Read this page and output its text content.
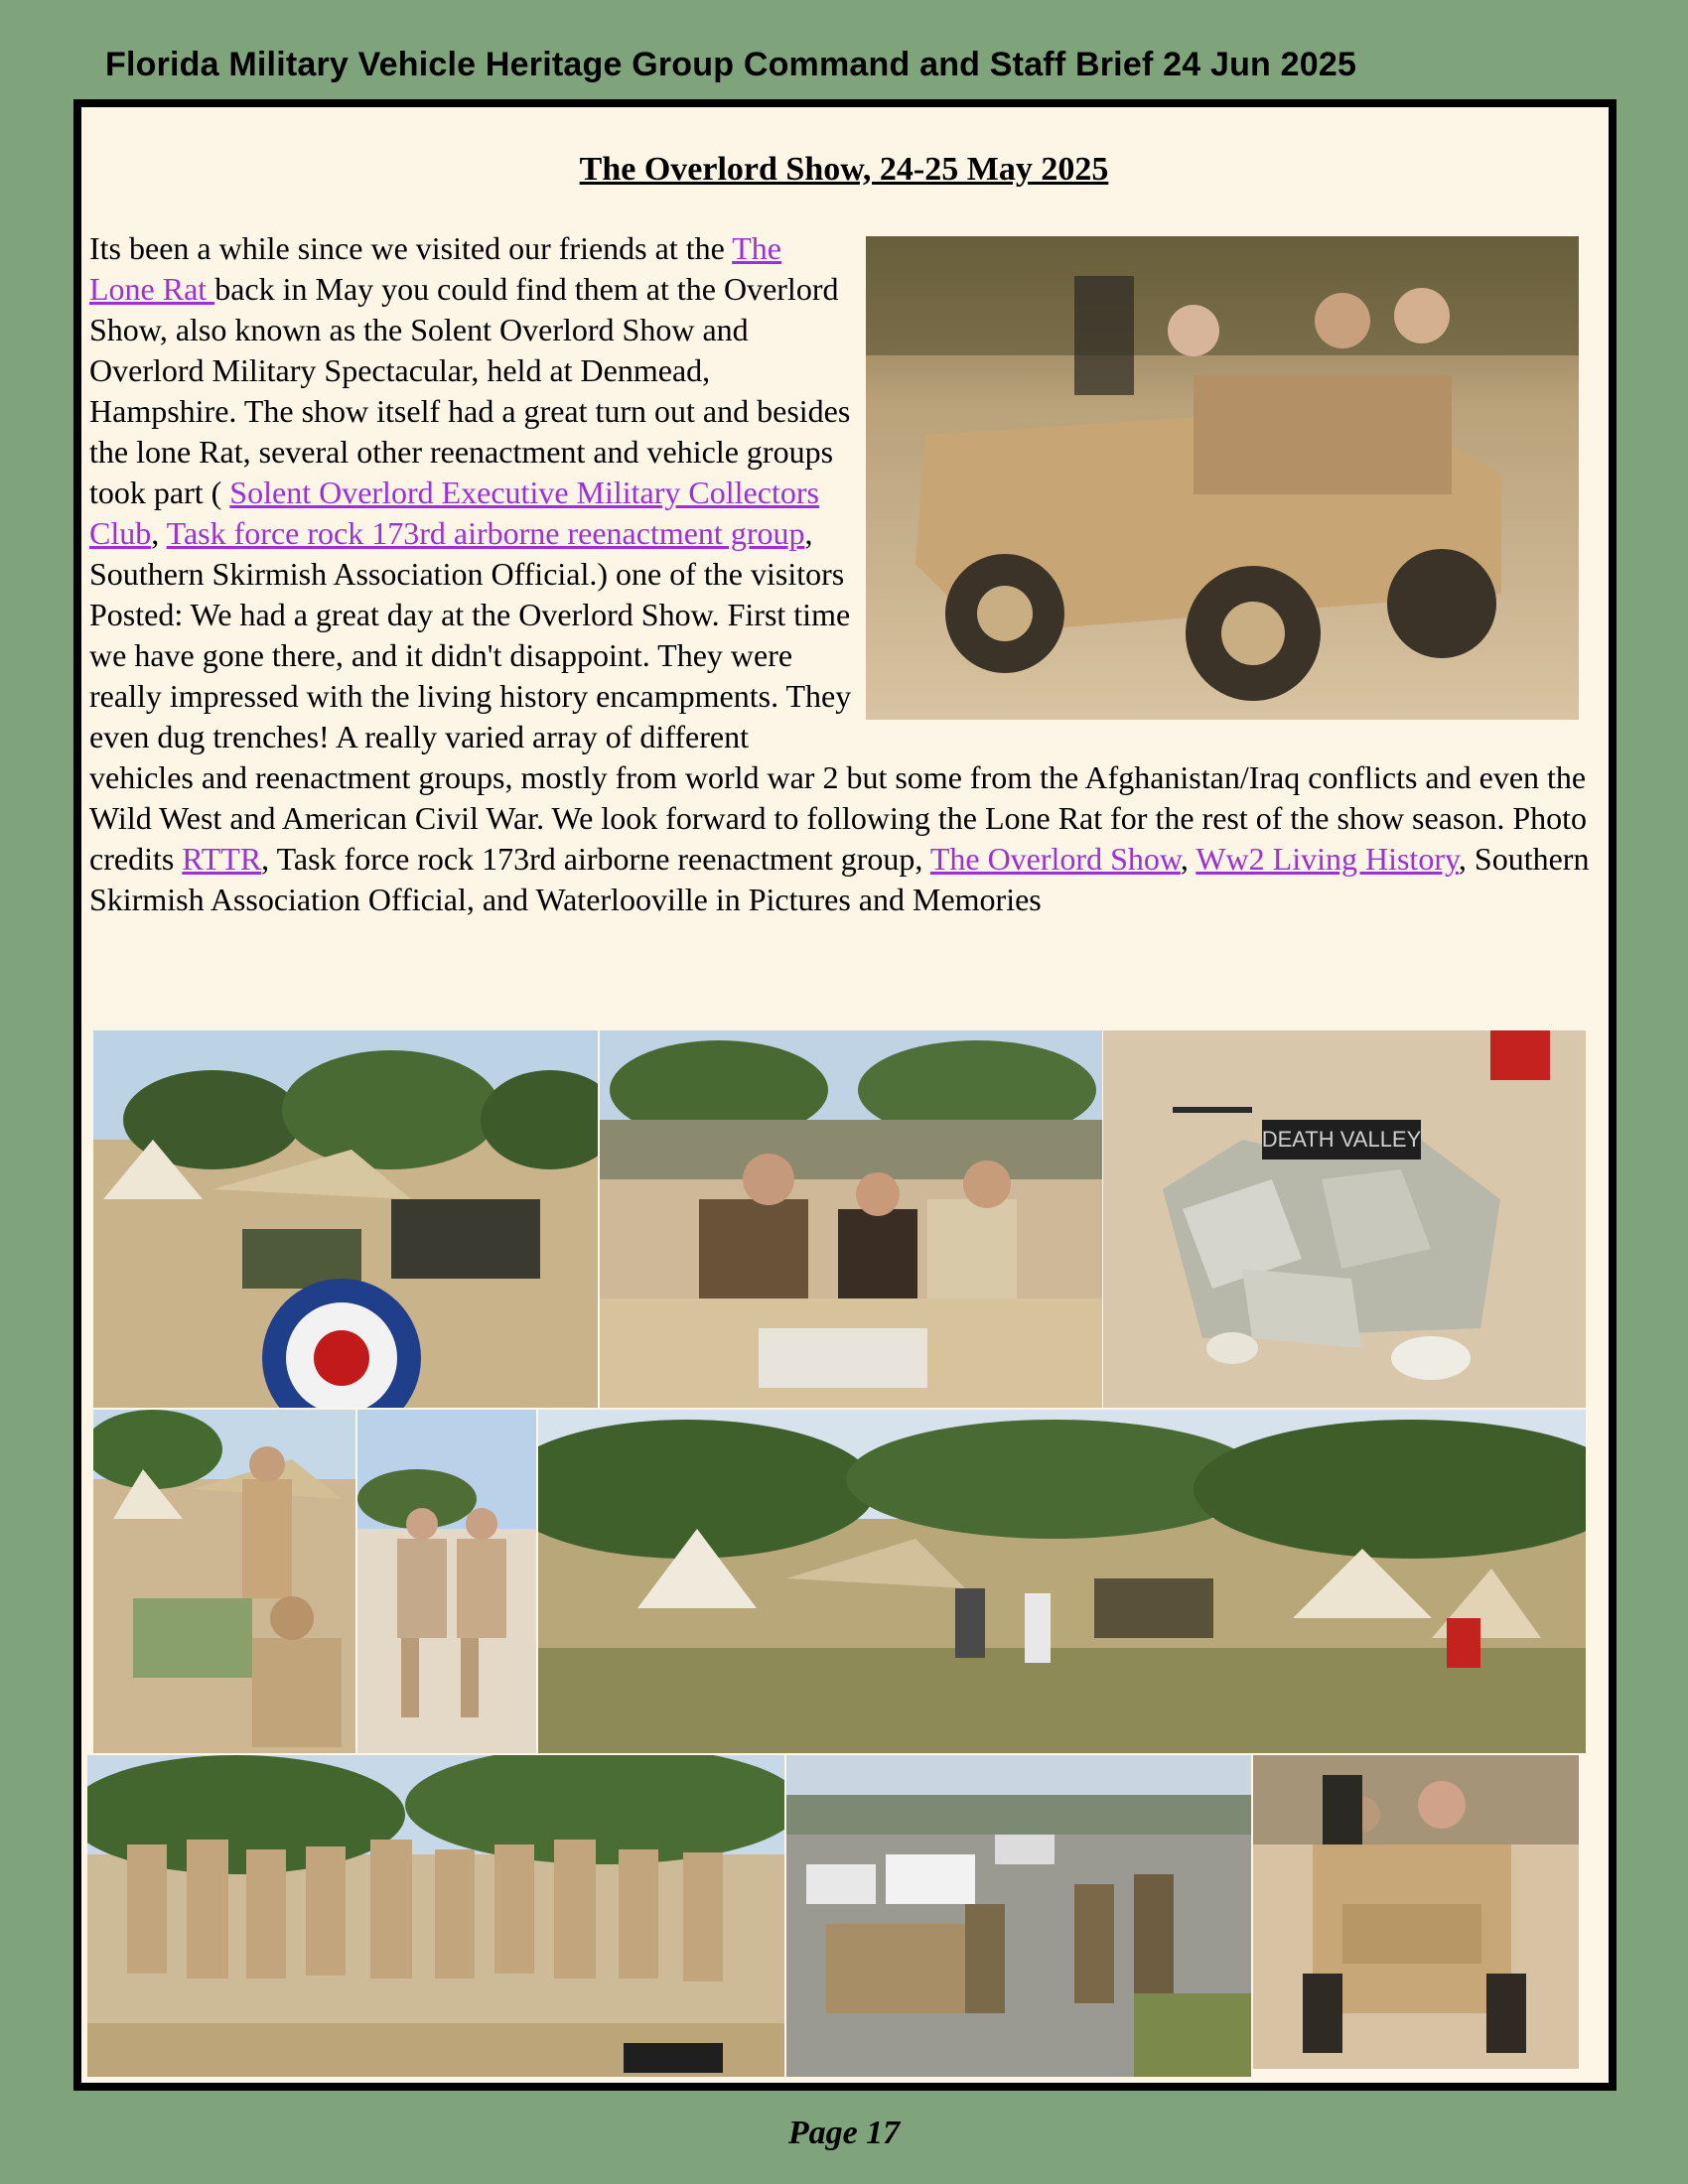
Florida Military Vehicle Heritage Group Command and Staff Brief 24 Jun 2025
The Overlord Show, 24-25 May 2025
Its been a while since we visited our friends at the The Lone Rat back in May you could find them at the Overlord Show, also known as the Solent Overlord Show and Overlord Military Spectacular, held at Denmead, Hampshire. The show itself had a great turn out and besides the lone Rat, several other reenactment and vehicle groups took part ( Solent Overlord Executive Military Collectors Club, Task force rock 173rd airborne reenactment group, Southern Skirmish Association Official.) one of the visitors Posted: We had a great day at the Overlord Show. First time we have gone there, and it didn't disappoint. They were really impressed with the living history encampments. They even dug trenches! A really varied array of different vehicles and reenactment groups, mostly from world war 2 but some from the Afghanistan/Iraq conflicts and even the Wild West and American Civil War. We look forward to following the Lone Rat for the rest of the show season. Photo credits RTTR, Task force rock 173rd airborne reenactment group, The Overlord Show, Ww2 Living History, Southern Skirmish Association Official, and Waterlooville in Pictures and Memories
DEATH VALLEY
Page 17
